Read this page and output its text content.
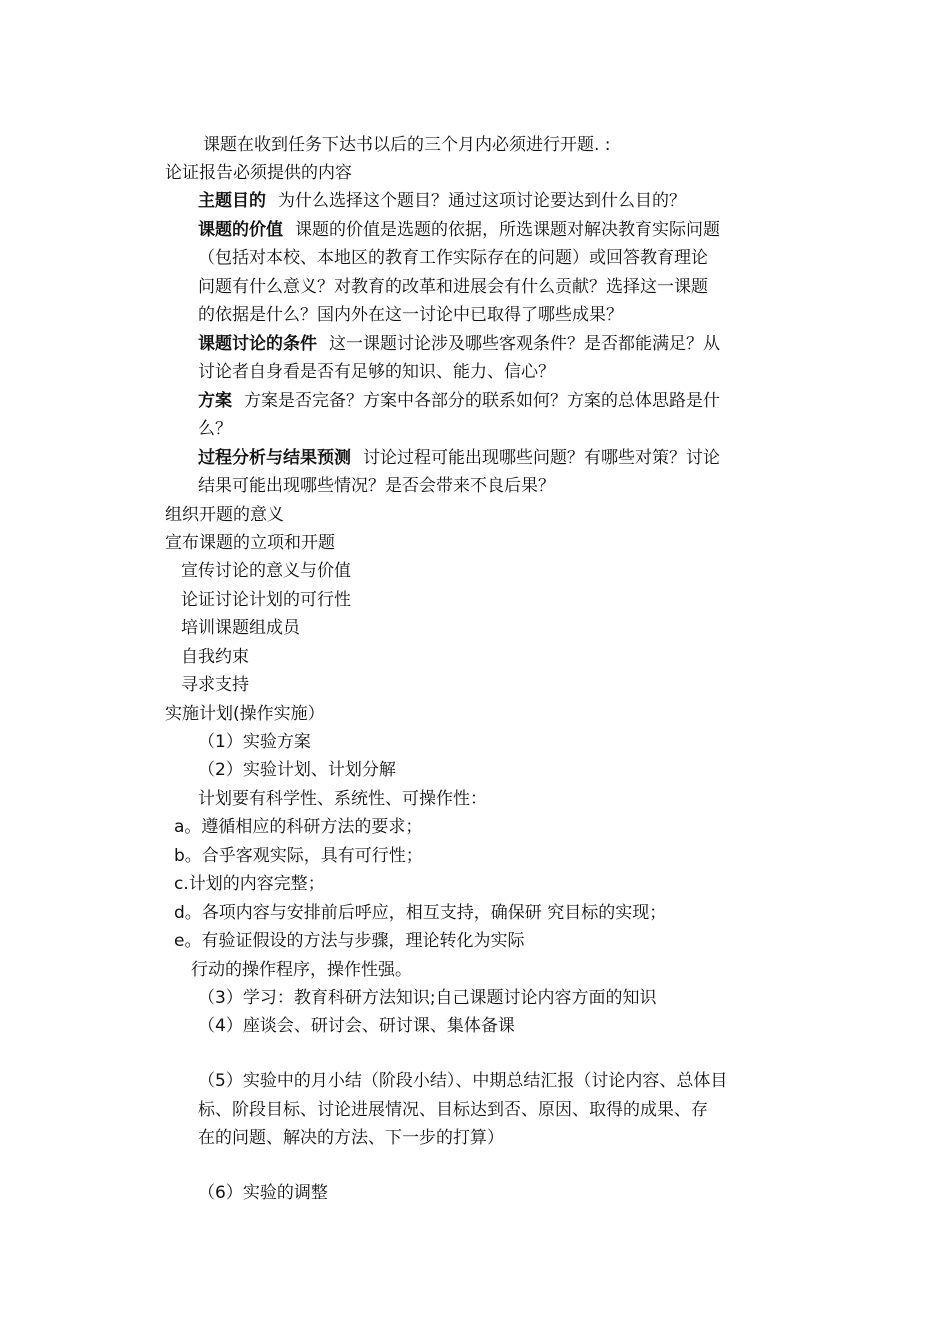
课题在收到任务下达书以后的三个月内必须进行开题. :
论证报告必须提供的内容
主题目的 为什么选择这个题目？通过这项讨论要达到什么目的？
课题的价值 课题的价值是选题的依据，所选课题对解决教育实际问题
（包括对本校、本地区的教育工作实际存在的问题）或回答教育理论
问题有什么意义？对教育的改革和进展会有什么贡献？选择这一课题
的依据是什么？国内外在这一讨论中已取得了哪些成果？
课题讨论的条件 这一课题讨论涉及哪些客观条件？是否都能满足？从
讨论者自身看是否有足够的知识、能力、信心？
方案 方案是否完备？方案中各部分的联系如何？方案的总体思路是什
么？
过程分析与结果预测 讨论过程可能出现哪些问题？有哪些对策？讨论
结果可能出现哪些情况？是否会带来不良后果？
组织开题的意义
宣布课题的立项和开题
宣传讨论的意义与价值
论证讨论计划的可行性
培训课题组成员
自我约束
寻求支持
实施计划(操作实施）
（1）实验方案
（2）实验计划、计划分解
计划要有科学性、系统性、可操作性：
a。遵循相应的科研方法的要求；
b。合乎客观实际，具有可行性；
c.计划的内容完整；
d。各项内容与安排前后呼应，相互支持，确保研 究目标的实现；
e。有验证假设的方法与步骤，理论转化为实际
行动的操作程序，操作性强。
（3）学习：教育科研方法知识;自己课题讨论内容方面的知识
（4）座谈会、研讨会、研讨课、集体备课
（5）实验中的月小结（阶段小结）、中期总结汇报（讨论内容、总体目
标、阶段目标、讨论进展情况、目标达到否、原因、取得的成果、存
在的问题、解决的方法、下一步的打算）
（6）实验的调整
